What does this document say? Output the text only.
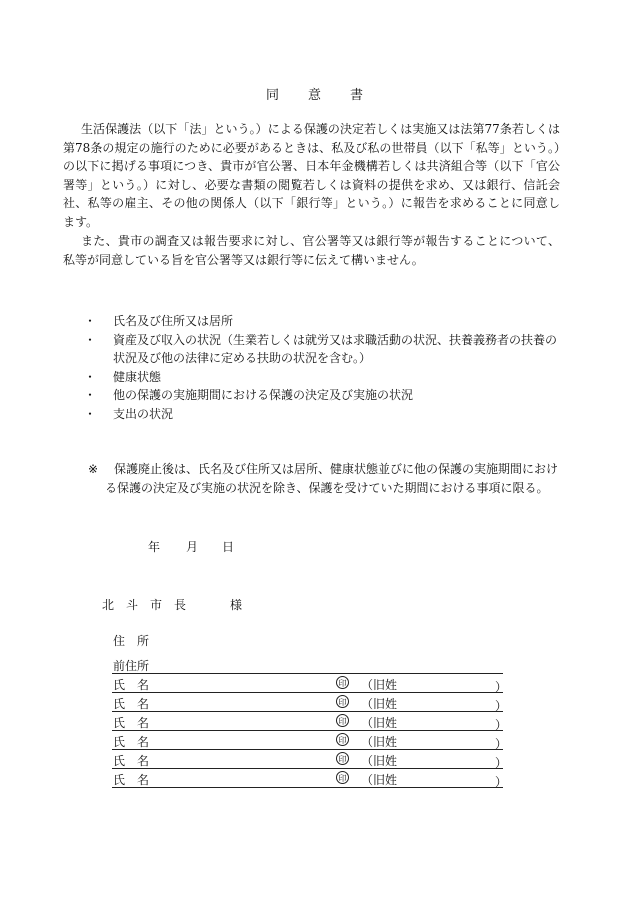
同　　意　　書

生活保護法（以下「法」という。）による保護の決定若しくは実施又は法第77条若しくは第78条の規定の施行のために必要があるときは、私及び私の世帯員（以下「私等」という。）の以下に掲げる事項につき、貴市が官公署、日本年金機構若しくは共済組合等（以下「官公署等」という。）に対し、必要な書類の閲覧若しくは資料の提供を求め、又は銀行、信託会社、私等の雇主、その他の関係人（以下「銀行等」という。）に報告を求めることに同意します。

また、貴市の調査又は報告要求に対し、官公署等又は銀行等が報告することについて、私等が同意している旨を官公署等又は銀行等に伝えて構いません。

・ 氏名及び住所又は居所
・ 資産及び収入の状況（生業若しくは就労又は求職活動の状況、扶養義務者の扶養の状況及び他の法律に定める扶助の状況を含む。）
・ 健康状態
・ 他の保護の実施期間における保護の決定及び実施の状況
・ 支出の状況
※	保護廃止後は、氏名及び住所又は居所、健康状態並びに他の保護の実施期間における保護の決定及び実施の状況を除き、保護を受けていた期間における事項に限る。
年 月 日
北　斗　市　長	様
住　所
前住所
氏　名	印 （旧姓	）
氏　名	印 （旧姓	）
氏　名	印 （旧姓	）
氏　名	印 （旧姓	）
氏　名	印 （旧姓	）
氏　名	印 （旧姓	）
